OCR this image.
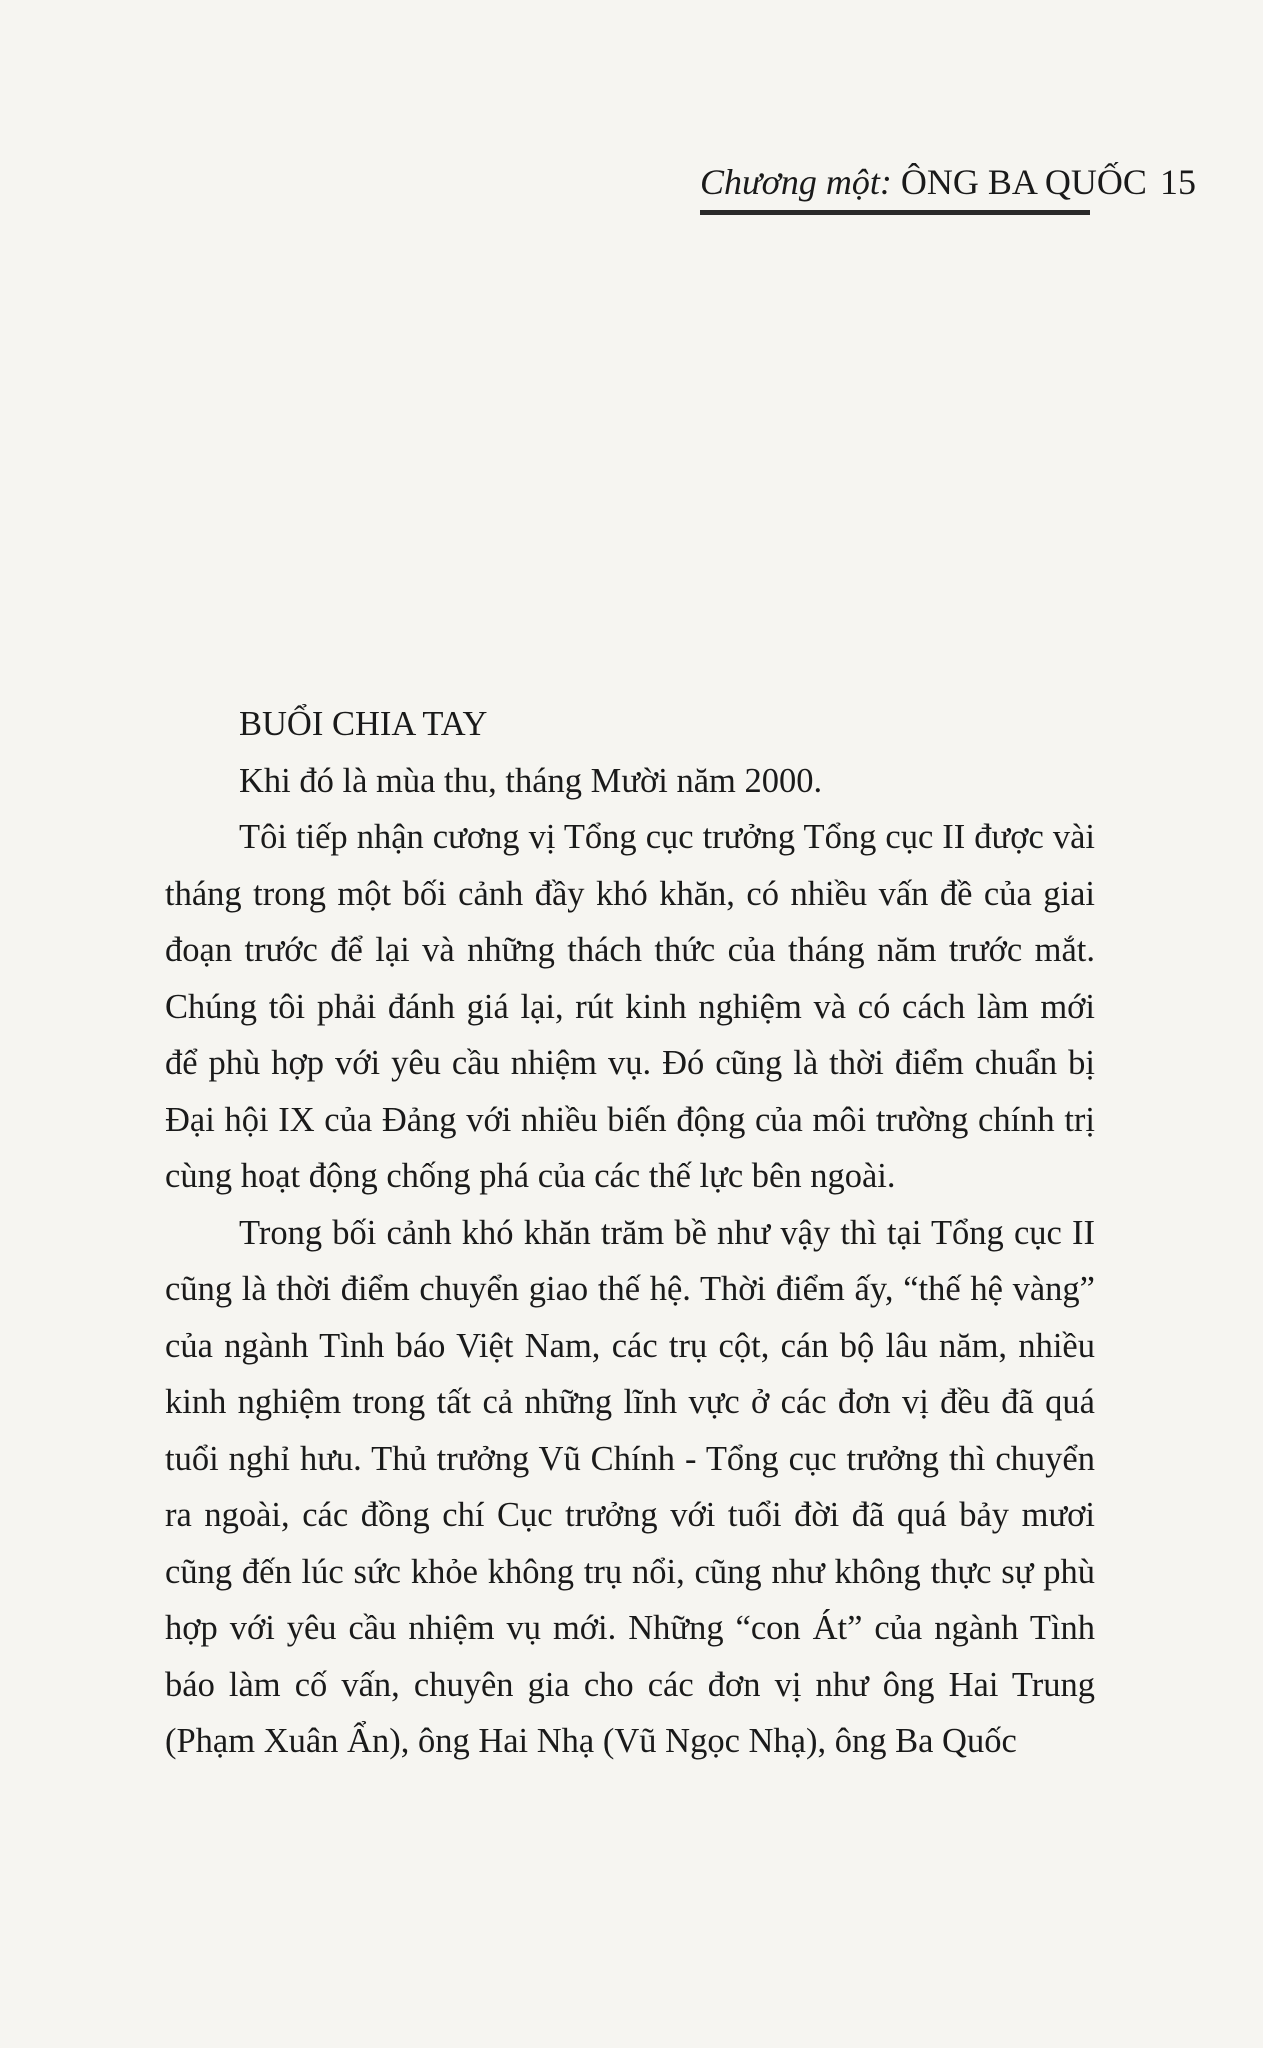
Chương một: ÔNG BA QUỐC 15
BUỔI CHIA TAY

Khi đó là mùa thu, tháng Mười năm 2000.

Tôi tiếp nhận cương vị Tổng cục trưởng Tổng cục II được vài tháng trong một bối cảnh đầy khó khăn, có nhiều vấn đề của giai đoạn trước để lại và những thách thức của tháng năm trước mắt. Chúng tôi phải đánh giá lại, rút kinh nghiệm và có cách làm mới để phù hợp với yêu cầu nhiệm vụ. Đó cũng là thời điểm chuẩn bị Đại hội IX của Đảng với nhiều biến động của môi trường chính trị cùng hoạt động chống phá của các thế lực bên ngoài.

Trong bối cảnh khó khăn trăm bề như vậy thì tại Tổng cục II cũng là thời điểm chuyển giao thế hệ. Thời điểm ấy, “thế hệ vàng” của ngành Tình báo Việt Nam, các trụ cột, cán bộ lâu năm, nhiều kinh nghiệm trong tất cả những lĩnh vực ở các đơn vị đều đã quá tuổi nghỉ hưu. Thủ trưởng Vũ Chính - Tổng cục trưởng thì chuyển ra ngoài, các đồng chí Cục trưởng với tuổi đời đã quá bảy mươi cũng đến lúc sức khỏe không trụ nổi, cũng như không thực sự phù hợp với yêu cầu nhiệm vụ mới. Những “con Át” của ngành Tình báo làm cố vấn, chuyên gia cho các đơn vị như ông Hai Trung (Phạm Xuân Ẩn), ông Hai Nhạ (Vũ Ngọc Nhạ), ông Ba Quốc
